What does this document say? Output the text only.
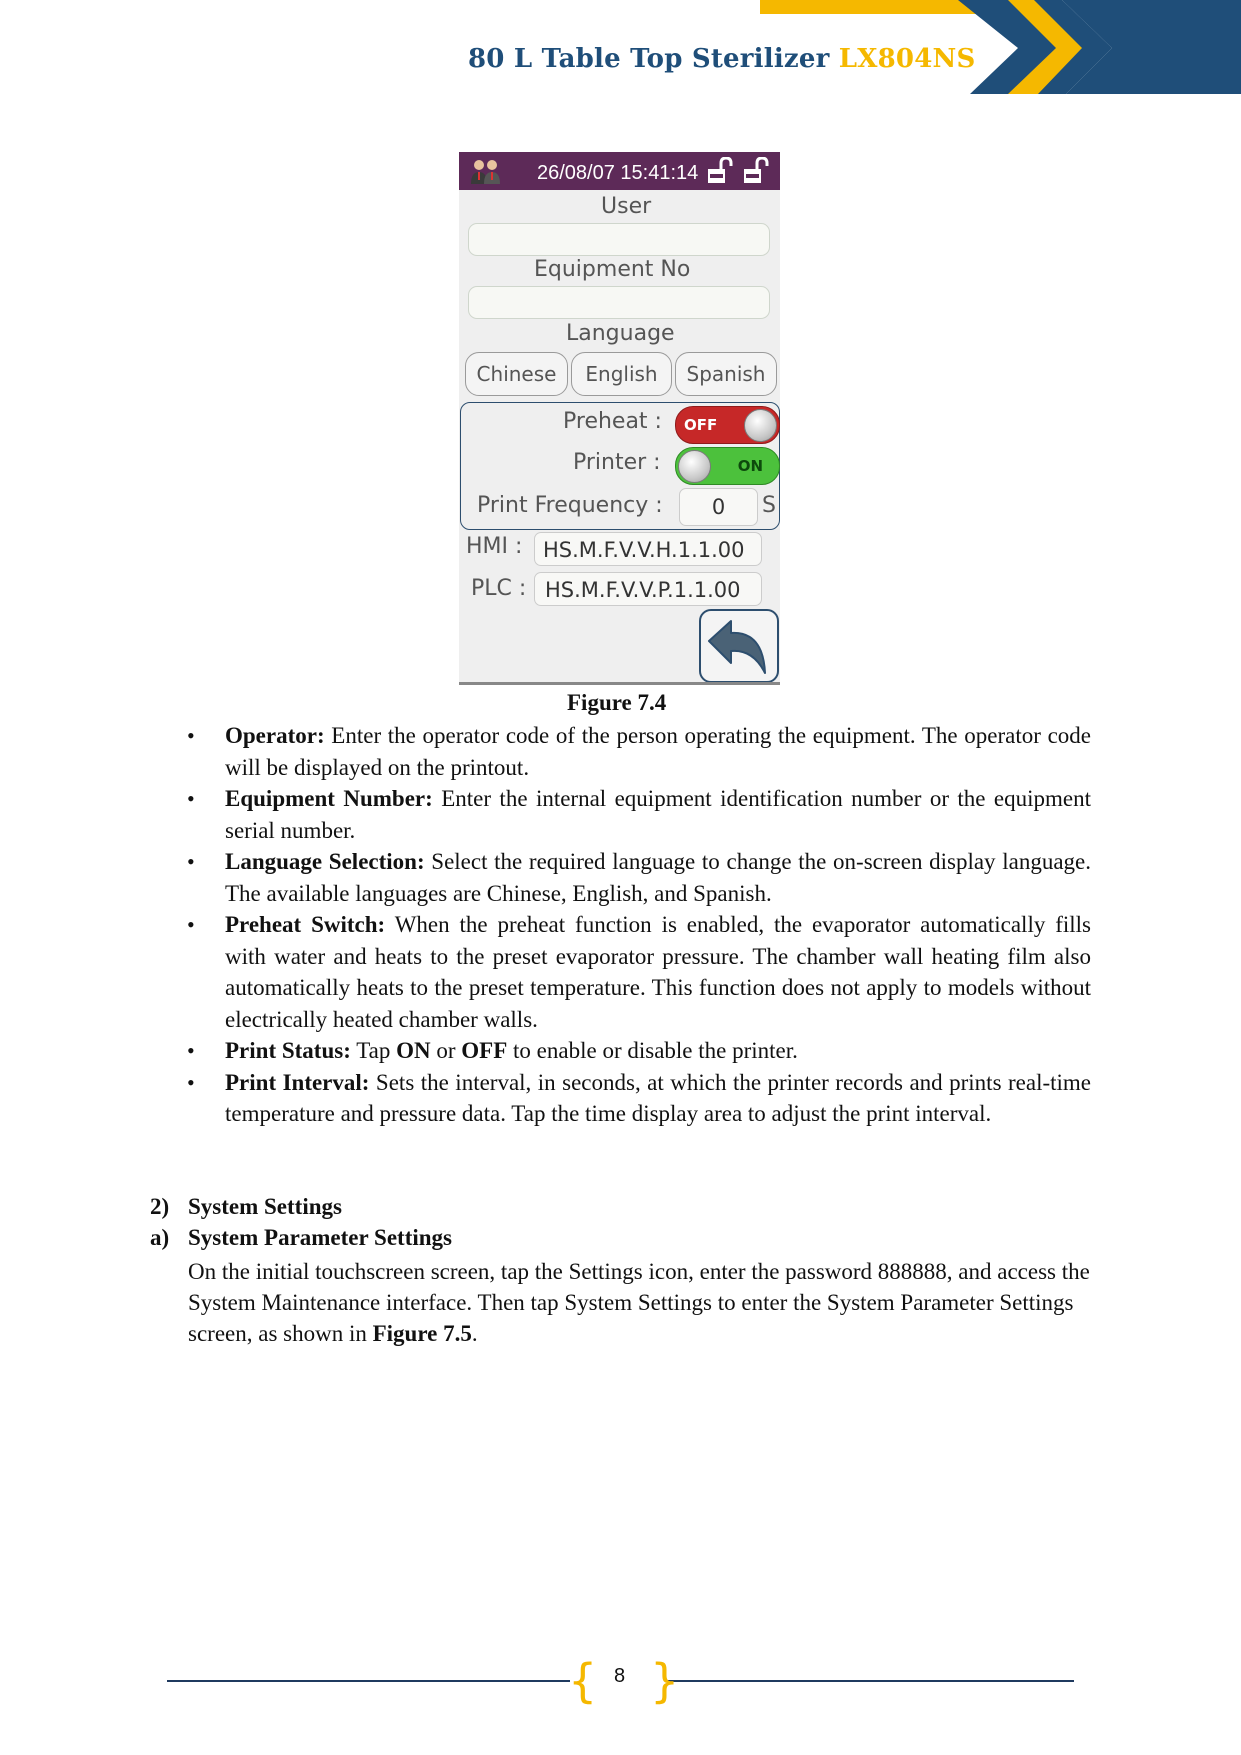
80 L Table Top Sterilizer LX804NS
26/08/07 15:41:14
User
Equipment No
Language
Chinese	English	Spanish
Preheat : OFF
Printer :	ON
Print Frequency :	0	S
HMI : HS.M.F.V.V.H.1.1.00
PLC : HS.M.F.V.V.P.1.1.00
Figure 7.4
• Operator: Enter the operator code of the person operating the equipment. The operator code will be displayed on the printout.
• Equipment Number: Enter the internal equipment identification number or the equipment serial number.
• Language Selection: Select the required language to change the on-screen display language. The available languages are Chinese, English, and Spanish.
• Preheat Switch: When the preheat function is enabled, the evaporator automatically fills with water and heats to the preset evaporator pressure. The chamber wall heating film also automatically heats to the preset temperature. This function does not apply to models without electrically heated chamber walls.
• Print Status: Tap ON or OFF to enable or disable the printer.
• Print Interval: Sets the interval, in seconds, at which the printer records and prints real-time temperature and pressure data. Tap the time display area to adjust the print interval.
2) System Settings
a) System Parameter Settings
On the initial touchscreen screen, tap the Settings icon, enter the password 888888, and access the System Maintenance interface. Then tap System Settings to enter the System Parameter Settings screen, as shown in Figure 7.5.
{ }
8
